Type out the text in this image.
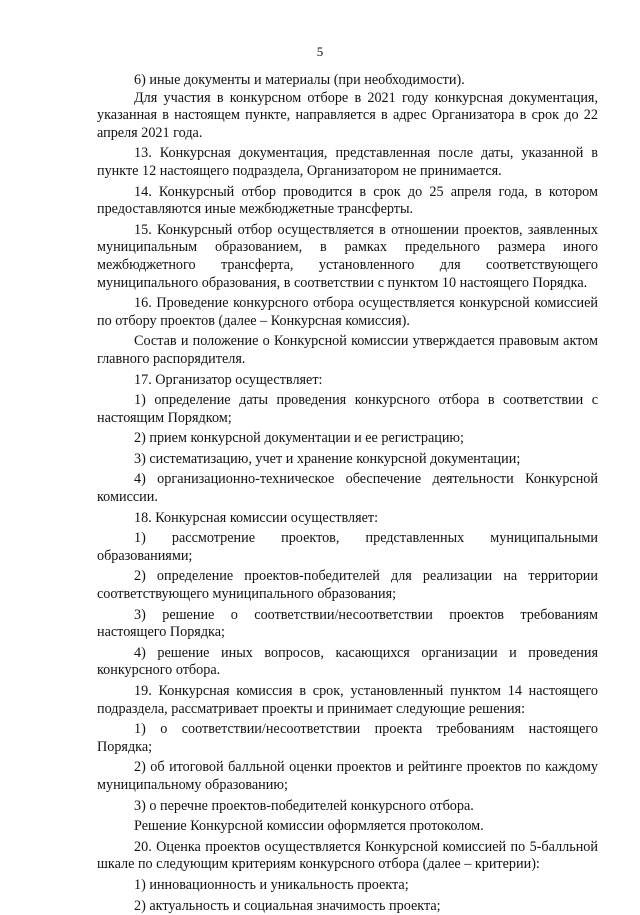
5

6) иные документы и материалы (при необходимости).

Для участия в конкурсном отборе в 2021 году конкурсная документация, указанная в настоящем пункте, направляется в адрес Организатора в срок до 22 апреля 2021 года.

13. Конкурсная документация, представленная после даты, указанной в пункте 12 настоящего подраздела, Организатором не принимается.

14. Конкурсный отбор проводится в срок до 25 апреля года, в котором предоставляются иные межбюджетные трансферты.

15. Конкурсный отбор осуществляется в отношении проектов, заявленных муниципальным образованием, в рамках предельного размера иного межбюджетного трансферта, установленного для соответствующего муниципального образования, в соответствии с пунктом 10 настоящего Порядка.

16. Проведение конкурсного отбора осуществляется конкурсной комиссией по отбору проектов (далее – Конкурсная комиссия).

Состав и положение о Конкурсной комиссии утверждается правовым актом главного распорядителя.

17. Организатор осуществляет:

1) определение даты проведения конкурсного отбора в соответствии с настоящим Порядком;

2) прием конкурсной документации и ее регистрацию;

3) систематизацию, учет и хранение конкурсной документации;

4) организационно-техническое обеспечение деятельности Конкурсной комиссии.

18. Конкурсная комиссии осуществляет:

1) рассмотрение проектов, представленных муниципальными образованиями;

2) определение проектов-победителей для реализации на территории соответствующего муниципального образования;

3) решение о соответствии/несоответствии проектов требованиям настоящего Порядка;

4) решение иных вопросов, касающихся организации и проведения конкурсного отбора.

19. Конкурсная комиссия в срок, установленный пунктом 14 настоящего подраздела, рассматривает проекты и принимает следующие решения:

1) о соответствии/несоответствии проекта требованиям настоящего Порядка;

2) об итоговой балльной оценки проектов и рейтинге проектов по каждому муниципальному образованию;

3) о перечне проектов-победителей конкурсного отбора.

Решение Конкурсной комиссии оформляется протоколом.

20. Оценка проектов осуществляется Конкурсной комиссией по 5-балльной шкале по следующим критериям конкурсного отбора (далее – критерии):

1) инновационность и уникальность проекта;

2) актуальность и социальная значимость проекта;
